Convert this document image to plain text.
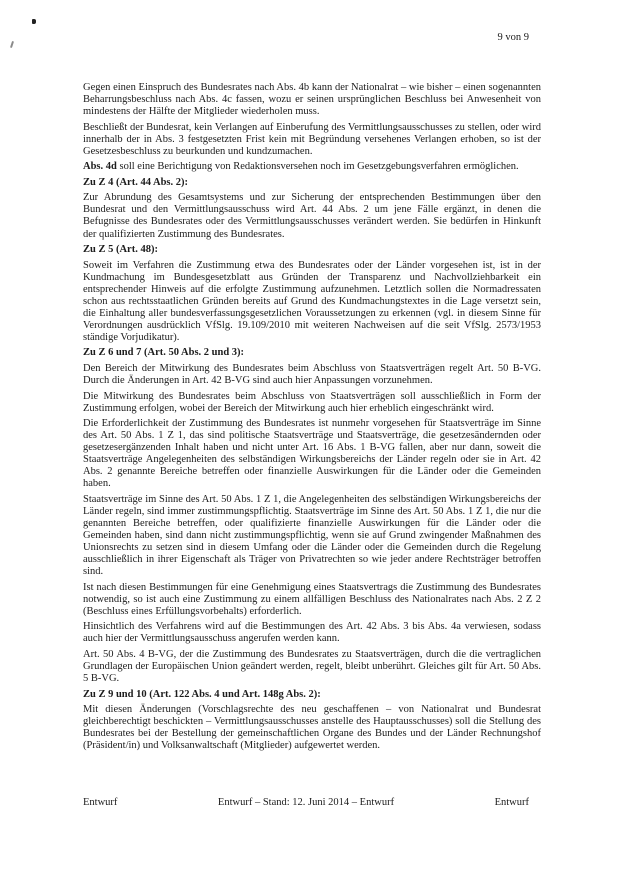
9 von 9

Gegen einen Einspruch des Bundesrates nach Abs. 4b kann der Nationalrat – wie bisher – einen sogenannten Beharrungsbeschluss nach Abs. 4c fassen, wozu er seinen ursprünglichen Beschluss bei Anwesenheit von mindestens der Hälfte der Mitglieder wiederholen muss.

Beschließt der Bundesrat, kein Verlangen auf Einberufung des Vermittlungsausschusses zu stellen, oder wird innerhalb der in Abs. 3 festgesetzten Frist kein mit Begründung versehenes Verlangen erhoben, so ist der Gesetzesbeschluss zu beurkunden und kundzumachen.

Abs. 4d soll eine Berichtigung von Redaktionsversehen noch im Gesetzgebungsverfahren ermöglichen.

Zu Z 4 (Art. 44 Abs. 2):

Zur Abrundung des Gesamtsystems und zur Sicherung der entsprechenden Bestimmungen über den Bundesrat und den Vermittlungsausschuss wird Art. 44 Abs. 2 um jene Fälle ergänzt, in denen die Befugnisse des Bundesrates oder des Vermittlungsausschusses verändert werden. Sie bedürfen in Hinkunft der qualifizierten Zustimmung des Bundesrates.

Zu Z 5 (Art. 48):

Soweit im Verfahren die Zustimmung etwa des Bundesrates oder der Länder vorgesehen ist, ist in der Kundmachung im Bundesgesetzblatt aus Gründen der Transparenz und Nachvollziehbarkeit ein entsprechender Hinweis auf die erfolgte Zustimmung aufzunehmen. Letztlich sollen die Normadressaten schon aus rechtsstaatlichen Gründen bereits auf Grund des Kundmachungstextes in die Lage versetzt sein, die Einhaltung aller bundesverfassungsgesetzlichen Voraussetzungen zu erkennen (vgl. in diesem Sinne für Verordnungen ausdrücklich VfSlg. 19.109/2010 mit weiteren Nachweisen auf die seit VfSlg. 2573/1953 ständige Vorjudikatur).

Zu Z 6 und 7 (Art. 50 Abs. 2 und 3):

Den Bereich der Mitwirkung des Bundesrates beim Abschluss von Staatsverträgen regelt Art. 50 B-VG. Durch die Änderungen in Art. 42 B-VG sind auch hier Anpassungen vorzunehmen.

Die Mitwirkung des Bundesrates beim Abschluss von Staatsverträgen soll ausschließlich in Form der Zustimmung erfolgen, wobei der Bereich der Mitwirkung auch hier erheblich eingeschränkt wird.

Die Erforderlichkeit der Zustimmung des Bundesrates ist nunmehr vorgesehen für Staatsverträge im Sinne des Art. 50 Abs. 1 Z 1, das sind politische Staatsverträge und Staatsverträge, die gesetzesändernden oder gesetzesergänzenden Inhalt haben und nicht unter Art. 16 Abs. 1 B-VG fallen, aber nur dann, soweit die Staatsverträge Angelegenheiten des selbständigen Wirkungsbereichs der Länder regeln oder sie in Art. 42 Abs. 2 genannte Bereiche betreffen oder finanzielle Auswirkungen für die Länder oder die Gemeinden haben.

Staatsverträge im Sinne des Art. 50 Abs. 1 Z 1, die Angelegenheiten des selbständigen Wirkungsbereichs der Länder regeln, sind immer zustimmungspflichtig. Staatsverträge im Sinne des Art. 50 Abs. 1 Z 1, die nur die genannten Bereiche betreffen, oder qualifizierte finanzielle Auswirkungen für die Länder oder die Gemeinden haben, sind dann nicht zustimmungspflichtig, wenn sie auf Grund zwingender Maßnahmen des Unionsrechts zu setzen sind in diesem Umfang oder die Länder oder die Gemeinden durch die Regelung ausschließlich in ihrer Eigenschaft als Träger von Privatrechten so wie jeder andere Rechtsträger betroffen sind.

Ist nach diesen Bestimmungen für eine Genehmigung eines Staatsvertrags die Zustimmung des Bundesrates notwendig, so ist auch eine Zustimmung zu einem allfälligen Beschluss des Nationalrates nach Abs. 2 Z 2 (Beschluss eines Erfüllungsvorbehalts) erforderlich.

Hinsichtlich des Verfahrens wird auf die Bestimmungen des Art. 42 Abs. 3 bis Abs. 4a verwiesen, sodass auch hier der Vermittlungsausschuss angerufen werden kann.

Art. 50 Abs. 4 B-VG, der die Zustimmung des Bundesrates zu Staatsverträgen, durch die die vertraglichen Grundlagen der Europäischen Union geändert werden, regelt, bleibt unberührt. Gleiches gilt für Art. 50 Abs. 5 B-VG.

Zu Z 9 und 10 (Art. 122 Abs. 4 und Art. 148g Abs. 2):

Mit diesen Änderungen (Vorschlagsrechte des neu geschaffenen – von Nationalrat und Bundesrat gleichberechtigt beschickten – Vermittlungsausschusses anstelle des Hauptausschusses) soll die Stellung des Bundesrates bei der Bestellung der gemeinschaftlichen Organe des Bundes und der Länder Rechnungshof (Präsident/in) und Volksanwaltschaft (Mitglieder) aufgewertet werden.

Entwurf	Entwurf – Stand: 12. Juni 2014 – Entwurf	Entwurf
